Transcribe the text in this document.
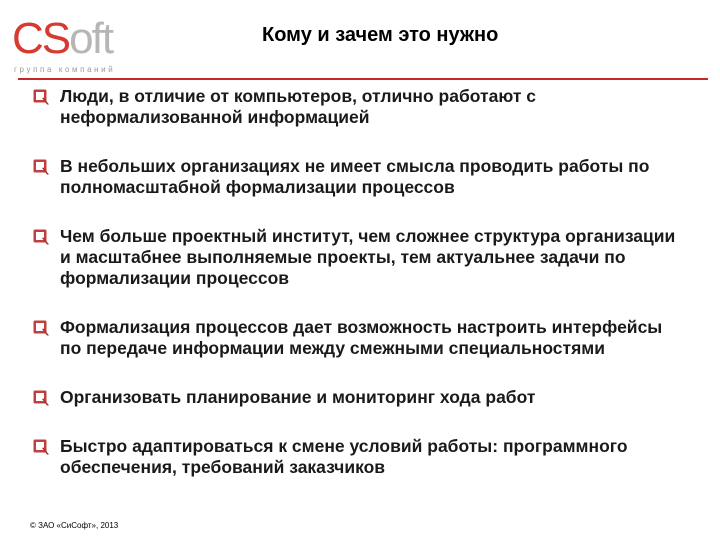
CSoft
группа компаний
Кому и зачем это нужно
Люди, в отличие от компьютеров, отлично работают с неформализованной информацией
В небольших организациях не имеет смысла проводить работы по полномасштабной формализации процессов
Чем больше проектный институт, чем сложнее структура организации и масштабнее выполняемые проекты, тем актуальнее задачи по формализации процессов
Формализация процессов дает возможность настроить интерфейсы по передаче информации между смежными специальностями
Организовать планирование и мониторинг хода работ
Быстро адаптироваться к смене условий работы: программного обеспечения, требований заказчиков
© ЗАО «СиСофт», 2013
